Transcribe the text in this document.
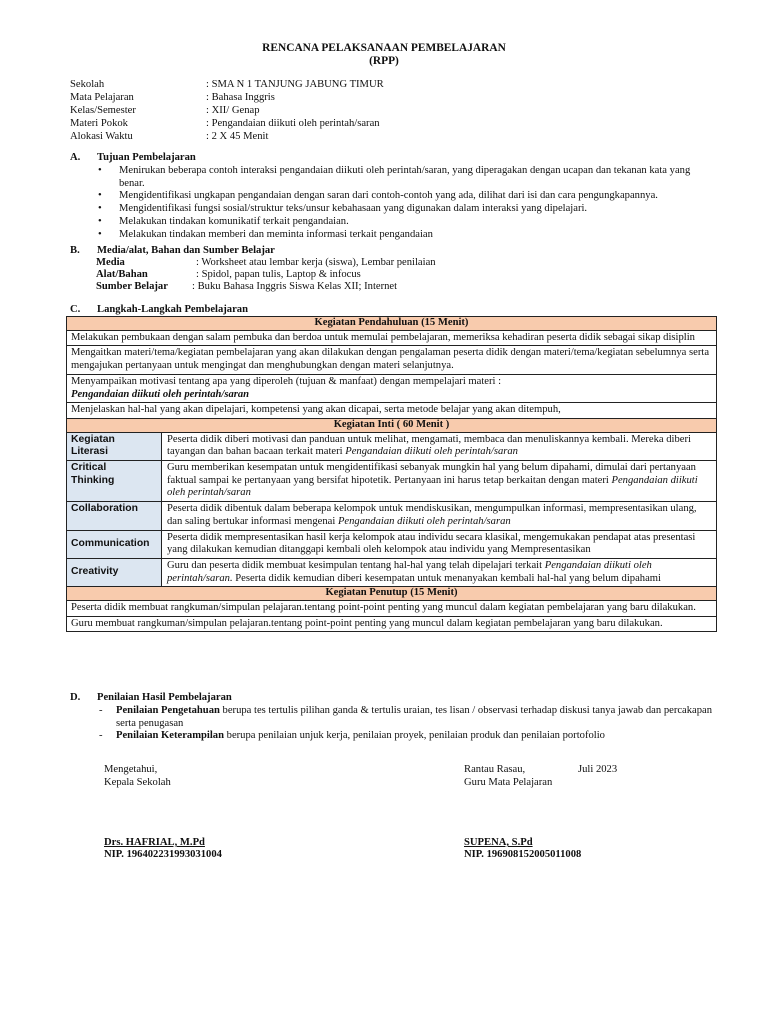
RENCANA PELAKSANAAN PEMBELAJARAN
(RPP)
Sekolah	: SMA N 1 TANJUNG JABUNG TIMUR
Mata Pelajaran	: Bahasa Inggris
Kelas/Semester	: XII/ Genap
Materi Pokok	: Pengandaian diikuti oleh perintah/saran
Alokasi Waktu	: 2 X 45 Menit
A. Tujuan Pembelajaran
• Menirukan beberapa contoh interaksi pengandaian diikuti oleh perintah/saran, yang diperagakan dengan ucapan dan tekanan kata yang benar.
• Mengidentifikasi ungkapan pengandaian dengan saran dari contoh-contoh yang ada, dilihat dari isi dan cara pengungkapannya.
• Mengidentifikasi fungsi sosial/struktur teks/unsur kebahasaan yang digunakan dalam interaksi yang dipelajari.
• Melakukan tindakan komunikatif terkait pengandaian.
• Melakukan tindakan memberi dan meminta informasi terkait pengandaian
B. Media/alat, Bahan dan Sumber Belajar
Media	: Worksheet atau lembar kerja (siswa), Lembar penilaian
Alat/Bahan	: Spidol, papan tulis, Laptop & infocus
Sumber Belajar	: Buku Bahasa Inggris Siswa Kelas XII; Internet
C. Langkah-Langkah Pembelajaran
Kegiatan Pendahuluan (15 Menit)	
Melakukan pembukaan dengan salam pembuka dan berdoa untuk memulai pembelajaran, memeriksa kehadiran peserta didik sebagai sikap disiplin	
Mengaitkan materi/tema/kegiatan pembelajaran yang akan dilakukan dengan pengalaman peserta didik dengan materi/tema/kegiatan sebelumnya serta mengajukan pertanyaan untuk mengingat dan menghubungkan dengan materi selanjutnya.	
Menyampaikan motivasi tentang apa yang diperoleh (tujuan & manfaat) dengan mempelajari materi :
Pengandaian diikuti oleh perintah/saran	
Menjelaskan hal-hal yang akan dipelajari, kompetensi yang akan dicapai, serta metode belajar yang akan ditempuh,	
Kegiatan Inti ( 60 Menit )	
Kegiatan
Literasi	Peserta didik diberi motivasi dan panduan untuk melihat, mengamati, membaca dan menuliskannya kembali. Mereka diberi tayangan dan bahan bacaan terkait materi Pengandaian diikuti oleh perintah/saran
Critical
Thinking	Guru memberikan kesempatan untuk mengidentifikasi sebanyak mungkin hal yang belum dipahami, dimulai dari pertanyaan faktual sampai ke pertanyaan yang bersifat hipotetik. Pertanyaan ini harus tetap berkaitan dengan materi Pengandaian diikuti oleh perintah/saran
Collaboration	Peserta didik dibentuk dalam beberapa kelompok untuk mendiskusikan, mengumpulkan informasi, mempresentasikan ulang, dan saling bertukar informasi mengenai Pengandaian diikuti oleh perintah/saran
Communication	Peserta didik mempresentasikan hasil kerja kelompok atau individu secara klasikal, mengemukakan pendapat atas presentasi yang dilakukan kemudian ditanggapi kembali oleh kelompok atau individu yang Mempresentasikan
Creativity	Guru dan peserta didik membuat kesimpulan tentang hal-hal yang telah dipelajari terkait Pengandaian diikuti oleh perintah/saran. Peserta didik kemudian diberi kesempatan untuk menanyakan kembali hal-hal yang belum dipahami
Kegiatan Penutup (15 Menit)	
Peserta didik membuat rangkuman/simpulan pelajaran.tentang point-point penting yang muncul dalam kegiatan pembelajaran yang baru dilakukan.	
Guru membuat rangkuman/simpulan pelajaran.tentang point-point penting yang muncul dalam kegiatan pembelajaran yang baru dilakukan.	
D. Penilaian Hasil Pembelajaran
- Penilaian Pengetahuan berupa tes tertulis pilihan ganda & tertulis uraian, tes lisan / observasi terhadap diskusi tanya jawab dan percakapan serta penugasan
- Penilaian Keterampilan berupa penilaian unjuk kerja, penilaian proyek, penilaian produk dan penilaian portofolio
Mengetahui,
Kepala Sekolah
Drs. HAFRIAL, M.Pd
NIP. 196402231993031004
Rantau Rasau,	Juli 2023
Guru Mata Pelajaran
SUPENA, S.Pd
NIP. 196908152005011008
